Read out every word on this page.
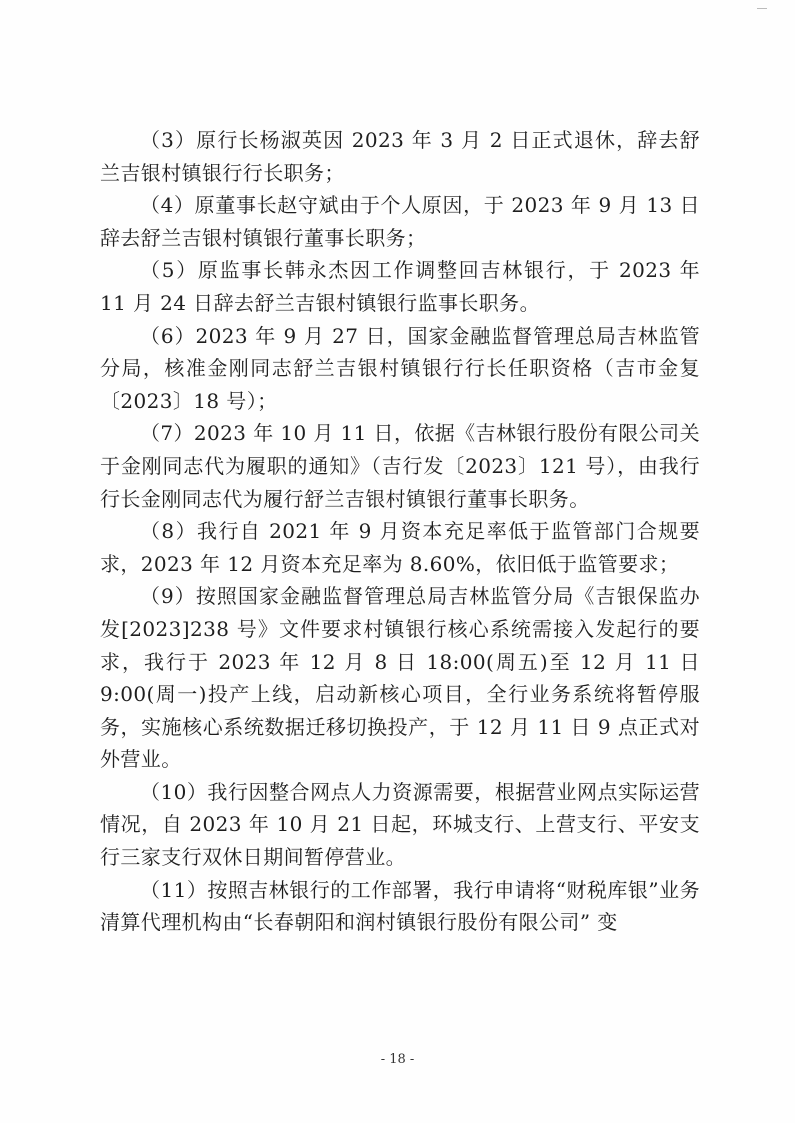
（3）原行长杨淑英因 2023 年 3 月 2 日正式退休，辞去舒兰吉银村镇银行行长职务；

（4）原董事长赵守斌由于个人原因，于 2023 年 9 月 13 日辞去舒兰吉银村镇银行董事长职务；

（5）原监事长韩永杰因工作调整回吉林银行，于 2023 年 11 月 24 日辞去舒兰吉银村镇银行监事长职务。

（6）2023 年 9 月 27 日，国家金融监督管理总局吉林监管分局，核准金刚同志舒兰吉银村镇银行行长任职资格（吉市金复〔2023〕18 号）；

（7）2023 年 10 月 11 日，依据《吉林银行股份有限公司关于金刚同志代为履职的通知》（吉行发〔2023〕121 号），由我行行长金刚同志代为履行舒兰吉银村镇银行董事长职务。

（8）我行自 2021 年 9 月资本充足率低于监管部门合规要求，2023 年 12 月资本充足率为 8.60%，依旧低于监管要求；

（9）按照国家金融监督管理总局吉林监管分局《吉银保监办发[2023]238 号》文件要求村镇银行核心系统需接入发起行的要求，我行于 2023 年 12 月 8 日 18:00(周五)至 12 月 11 日 9:00(周一)投产上线，启动新核心项目，全行业务系统将暂停服务，实施核心系统数据迁移切换投产，于 12 月 11 日 9 点正式对外营业。

（10）我行因整合网点人力资源需要，根据营业网点实际运营情况，自 2023 年 10 月 21 日起，环城支行、上营支行、平安支行三家支行双休日期间暂停营业。

（11）按照吉林银行的工作部署，我行申请将“财税库银”业务清算代理机构由“长春朝阳和润村镇银行股份有限公司” 变

- 18 -
